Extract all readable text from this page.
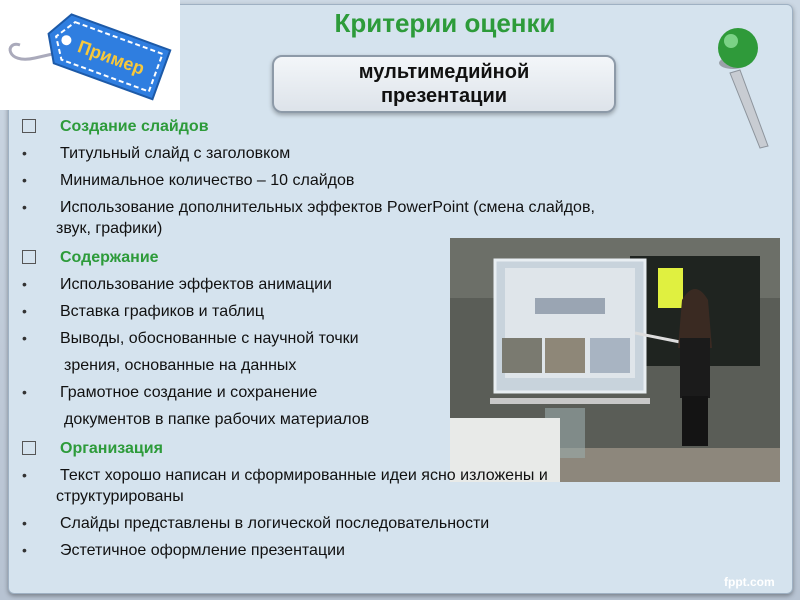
Пример
Критерии оценки
мультимедийной
презентации
Создание слайдов
•	Титульный слайд с заголовком
•	Минимальное количество – 10 слайдов
•	Использование дополнительных эффектов PowerPoint (смена слайдов,
звук, графики)
Содержание
•	Использование эффектов анимации
•	Вставка графиков и таблиц
•	Выводы, обоснованные с научной точки
зрения, основанные на данных
•	Грамотное создание и сохранение
документов в папке рабочих материалов
Организация
•	Текст хорошо написан и сформированные идеи ясно изложены и
структурированы
•	Слайды представлены в логической последовательности
•	Эстетичное оформление презентации
fppt.com
